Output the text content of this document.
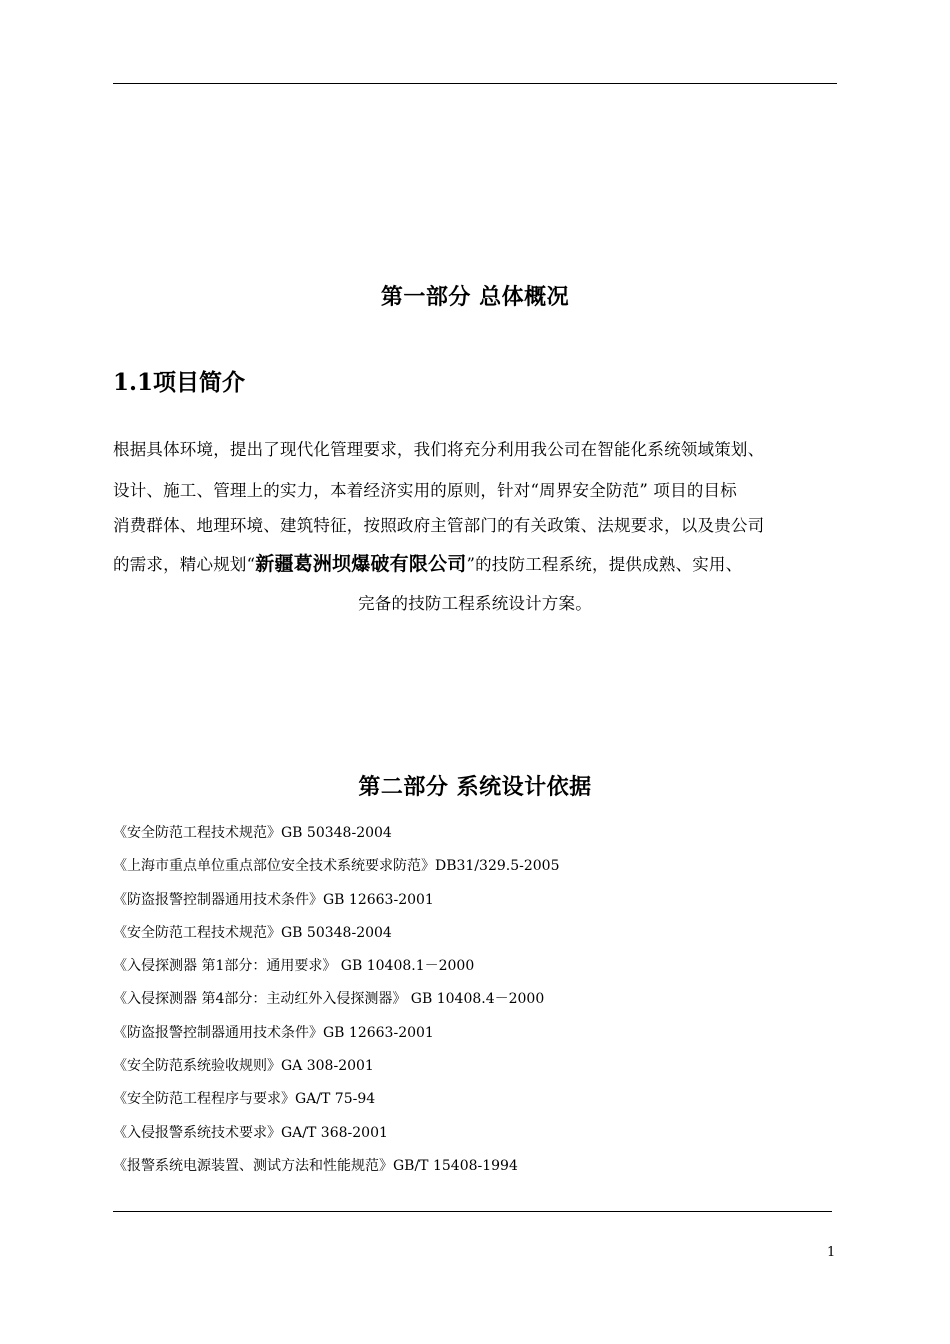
第一部分 总体概况
1.1项目简介
根据具体环境，提出了现代化管理要求，我们将充分利用我公司在智能化系统领域策划、
设计、施工、管理上的实力，本着经济实用的原则，针对“周界安全防范” 项目的目标
消费群体、地理环境、建筑特征，按照政府主管部门的有关政策、法规要求，以及贵公司
的需求，精心规划“新疆葛洲坝爆破有限公司”的技防工程系统，提供成熟、实用、
完备的技防工程系统设计方案。
第二部分 系统设计依据
《安全防范工程技术规范》GB 50348-2004
《上海市重点单位重点部位安全技术系统要求防范》DB31/329.5-2005
《防盗报警控制器通用技术条件》GB 12663-2001
《安全防范工程技术规范》GB 50348-2004
《入侵探测器 第1部分：通用要求》 GB 10408.1－2000
《入侵探测器 第4部分：主动红外入侵探测器》 GB 10408.4－2000
《防盗报警控制器通用技术条件》GB 12663-2001
《安全防范系统验收规则》GA 308-2001
《安全防范工程程序与要求》GA/T 75-94
《入侵报警系统技术要求》GA/T 368-2001
《报警系统电源装置、测试方法和性能规范》GB/T 15408-1994
1
